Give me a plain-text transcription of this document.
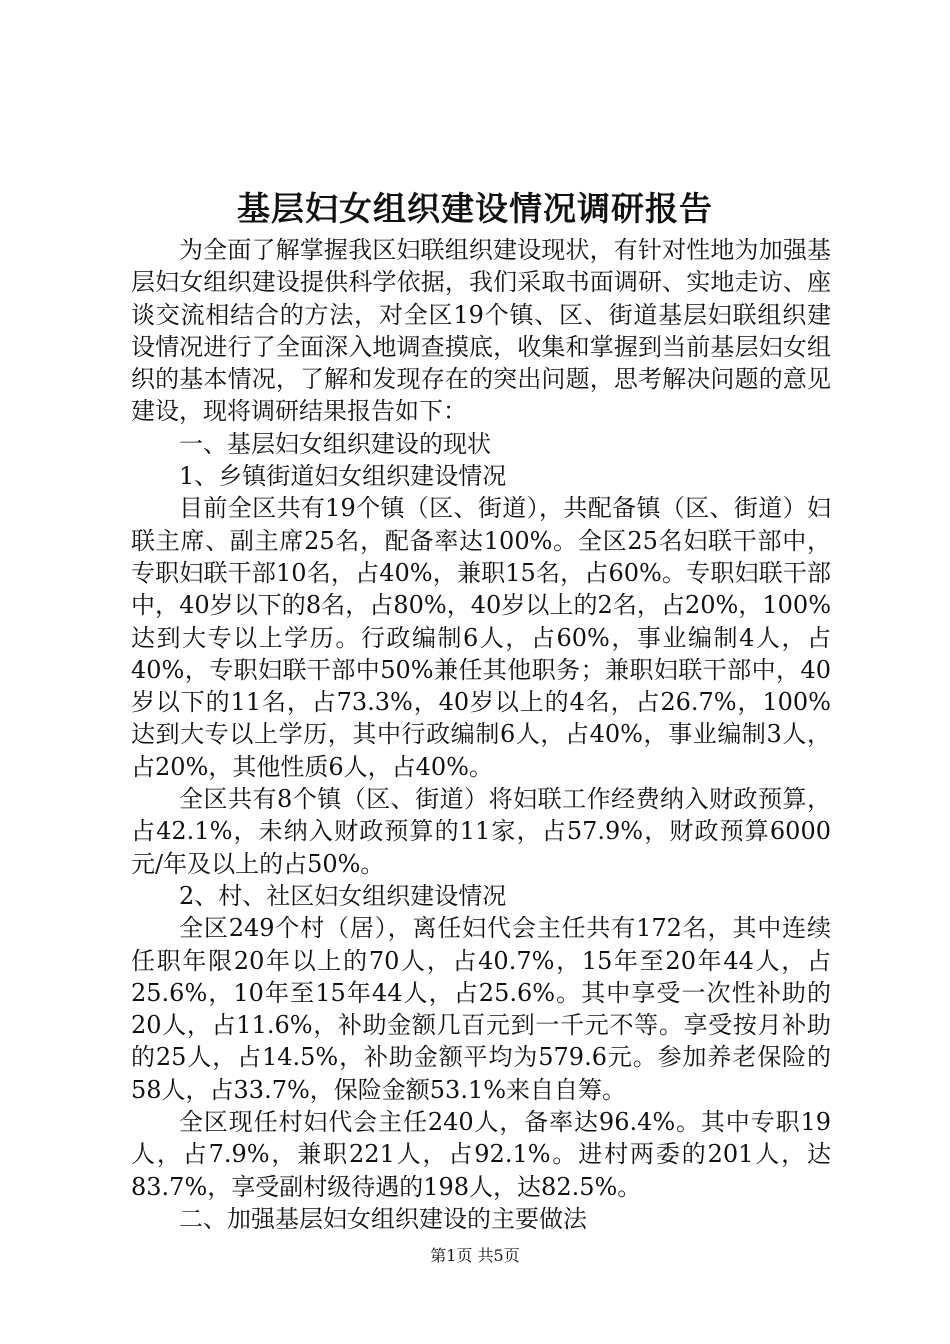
基层妇女组织建设情况调研报告

为全面了解掌握我区妇联组织建设现状，有针对性地为加强基层妇女组织建设提供科学依据，我们采取书面调研、实地走访、座谈交流相结合的方法，对全区19个镇、区、街道基层妇联组织建设情况进行了全面深入地调查摸底，收集和掌握到当前基层妇女组织的基本情况，了解和发现存在的突出问题，思考解决问题的意见建设，现将调研结果报告如下：

一、基层妇女组织建设的现状

1、乡镇街道妇女组织建设情况

目前全区共有19个镇（区、街道），共配备镇（区、街道）妇联主席、副主席25名，配备率达100%。全区25名妇联干部中，专职妇联干部10名，占40%，兼职15名，占60%。专职妇联干部中，40岁以下的8名，占80%，40岁以上的2名，占20%，100%达到大专以上学历。行政编制6人，占60%，事业编制4人，占40%，专职妇联干部中50%兼任其他职务；兼职妇联干部中，40岁以下的11名，占73.3%，40岁以上的4名，占26.7%，100%达到大专以上学历，其中行政编制6人，占40%，事业编制3人，占20%，其他性质6人，占40%。

全区共有8个镇（区、街道）将妇联工作经费纳入财政预算，占42.1%，未纳入财政预算的11家，占57.9%，财政预算6000元/年及以上的占50%。

2、村、社区妇女组织建设情况

全区249个村（居），离任妇代会主任共有172名，其中连续任职年限20年以上的70人，占40.7%，15年至20年44人，占25.6%，10年至15年44人，占25.6%。其中享受一次性补助的20人，占11.6%，补助金额几百元到一千元不等。享受按月补助的25人，占14.5%，补助金额平均为579.6元。参加养老保险的58人，占33.7%，保险金额53.1%来自自筹。

全区现任村妇代会主任240人，备率达96.4%。其中专职19人，占7.9%，兼职221人，占92.1%。进村两委的201人，达83.7%，享受副村级待遇的198人，达82.5%。

二、加强基层妇女组织建设的主要做法

第1页 共5页
